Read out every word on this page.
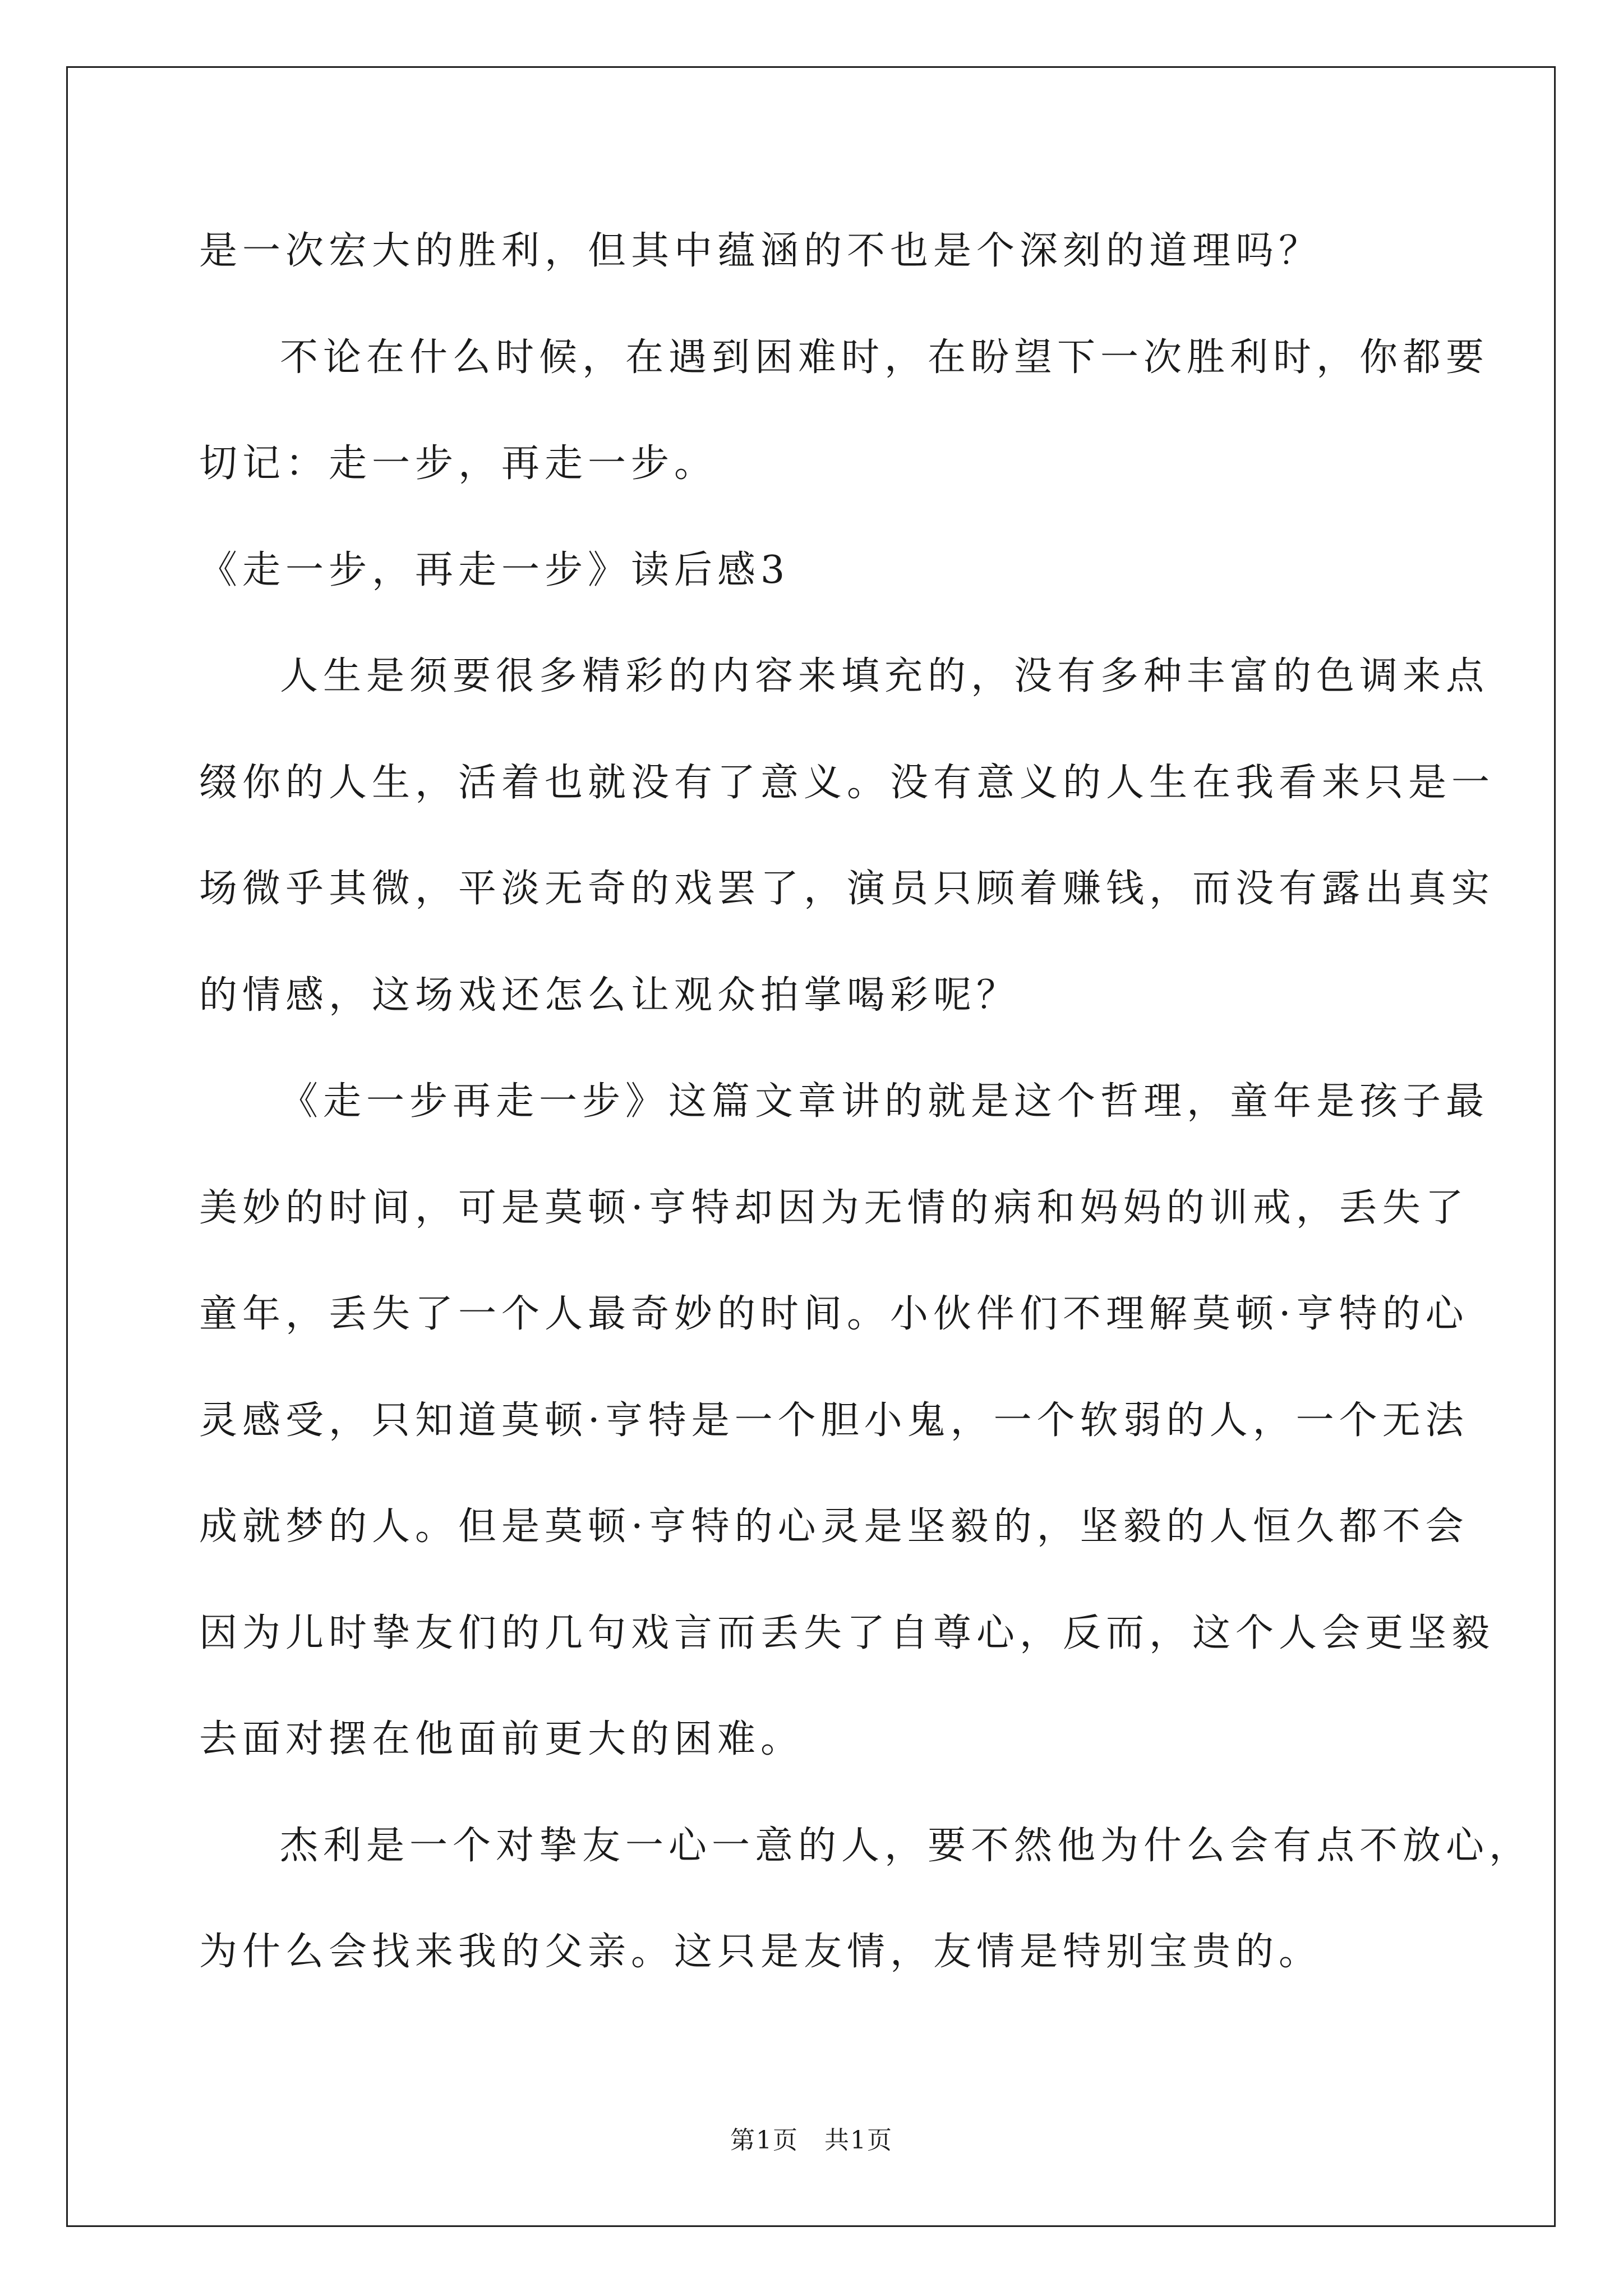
是一次宏大的胜利，但其中蕴涵的不也是个深刻的道理吗？
不论在什么时候，在遇到困难时，在盼望下一次胜利时，你都要
切记：走一步，再走一步。
《走一步，再走一步》读后感3
人生是须要很多精彩的内容来填充的，没有多种丰富的色调来点
缀你的人生，活着也就没有了意义。没有意义的人生在我看来只是一
场微乎其微，平淡无奇的戏罢了，演员只顾着赚钱，而没有露出真实
的情感，这场戏还怎么让观众拍掌喝彩呢？
《走一步再走一步》这篇文章讲的就是这个哲理，童年是孩子最
美妙的时间，可是莫顿·亨特却因为无情的病和妈妈的训戒，丢失了
童年，丢失了一个人最奇妙的时间。小伙伴们不理解莫顿·亨特的心
灵感受，只知道莫顿·亨特是一个胆小鬼，一个软弱的人，一个无法
成就梦的人。但是莫顿·亨特的心灵是坚毅的，坚毅的人恒久都不会
因为儿时挚友们的几句戏言而丢失了自尊心，反而，这个人会更坚毅
去面对摆在他面前更大的困难。
杰利是一个对挚友一心一意的人，要不然他为什么会有点不放心，
为什么会找来我的父亲。这只是友情，友情是特别宝贵的。
第1页　共1页
